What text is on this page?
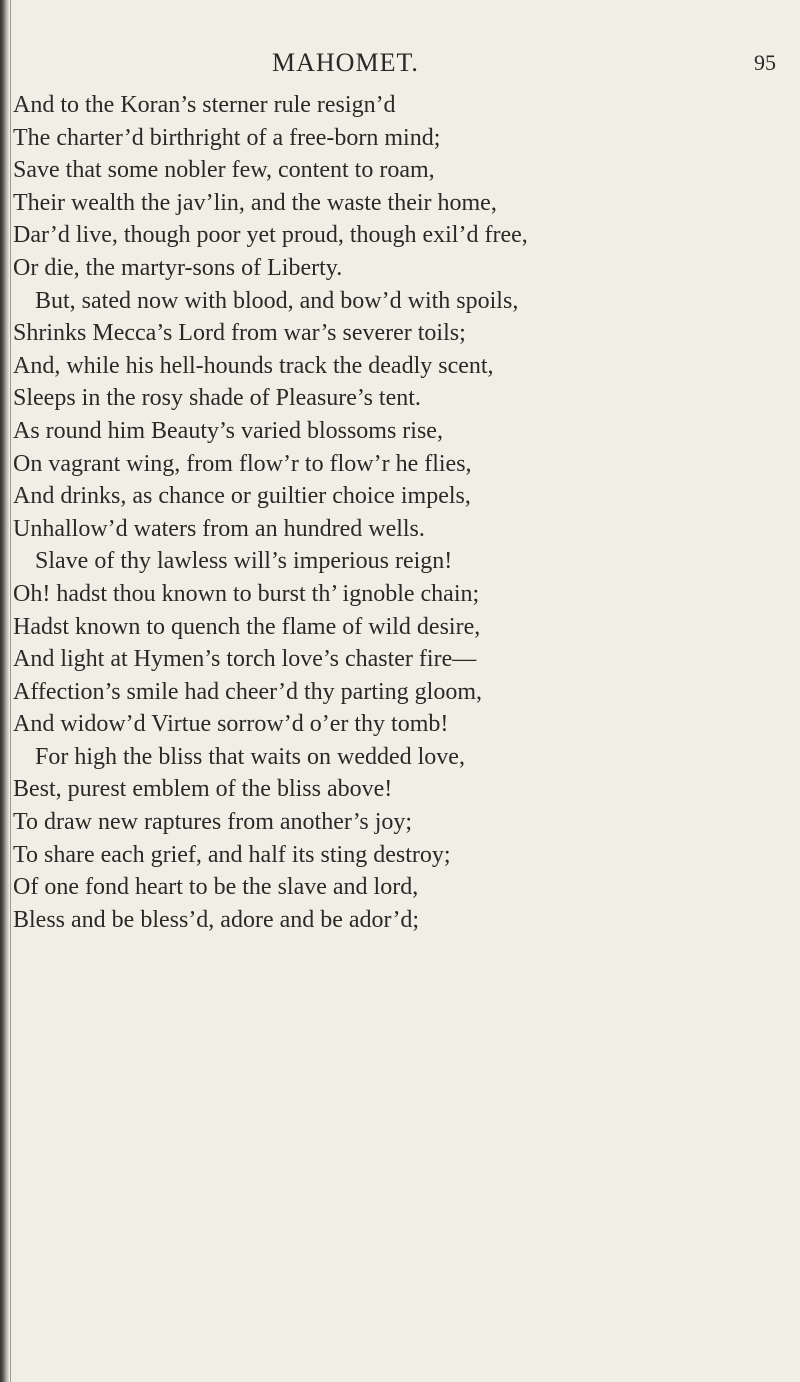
MAHOMET.	95
And to the Koran’s sterner rule resign’d
The charter’d birthright of a free-born mind;
Save that some nobler few, content to roam,
Their wealth the jav’lin, and the waste their home,
Dar’d live, though poor yet proud, though exil’d free,
Or die, the martyr-sons of Liberty.
But, sated now with blood, and bow’d with spoils,
Shrinks Mecca’s Lord from war’s severer toils;
And, while his hell-hounds track the deadly scent,
Sleeps in the rosy shade of Pleasure’s tent.
As round him Beauty’s varied blossoms rise,
On vagrant wing, from flow’r to flow’r he flies,
And drinks, as chance or guiltier choice impels,
Unhallow’d waters from an hundred wells.
Slave of thy lawless will’s imperious reign!
Oh! hadst thou known to burst th’ ignoble chain;
Hadst known to quench the flame of wild desire,
And light at Hymen’s torch love’s chaster fire—
Affection’s smile had cheer’d thy parting gloom,
And widow’d Virtue sorrow’d o’er thy tomb!
For high the bliss that waits on wedded love,
Best, purest emblem of the bliss above!
To draw new raptures from another’s joy;
To share each grief, and half its sting destroy;
Of one fond heart to be the slave and lord,
Bless and be bless’d, adore and be ador’d;
